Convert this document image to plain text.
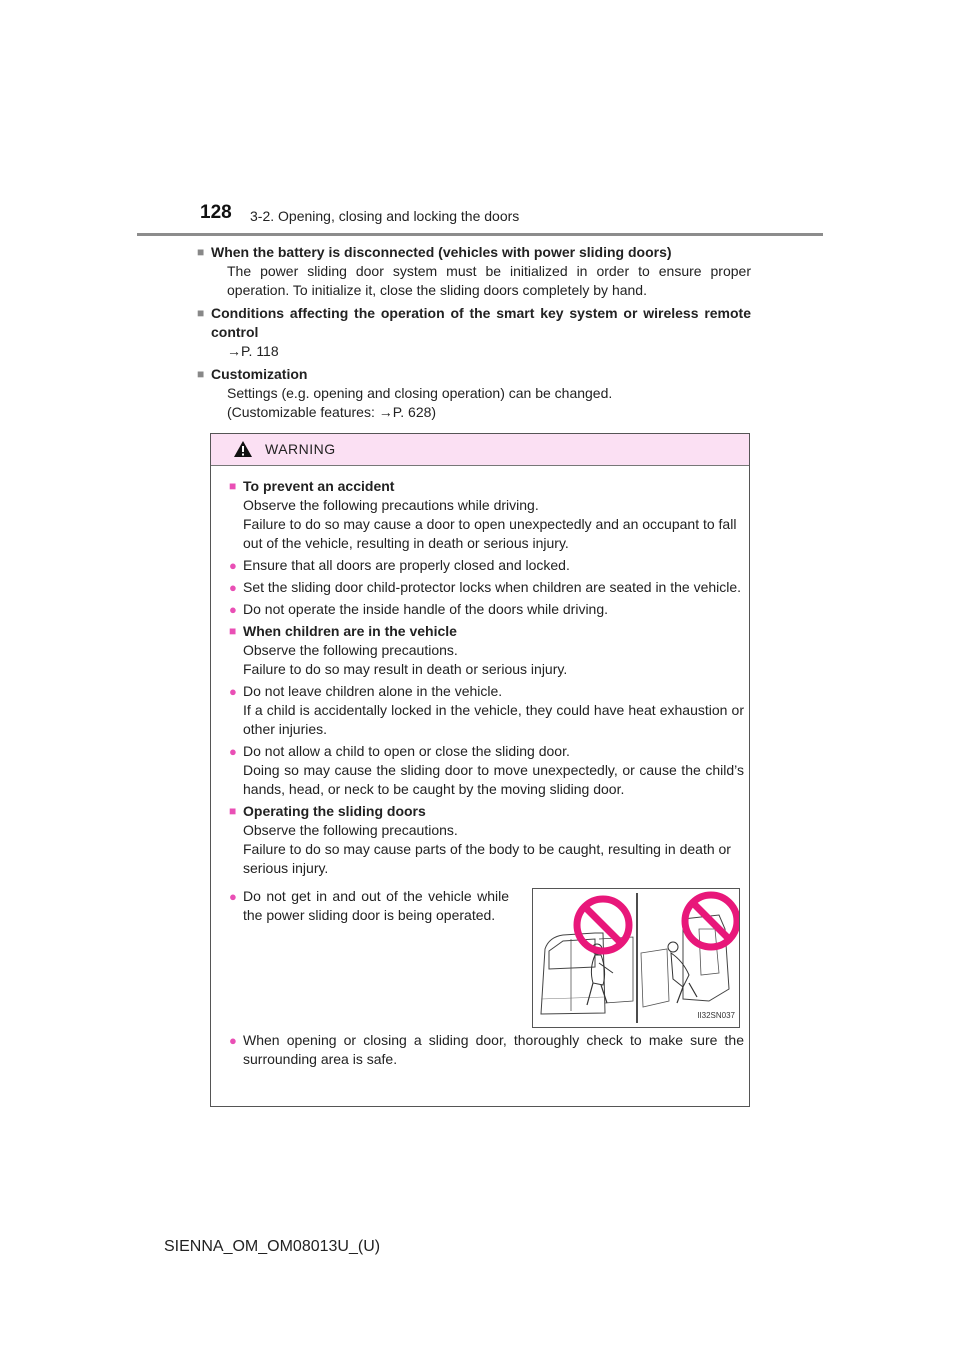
128 3-2. Opening, closing and locking the doors
■ When the battery is disconnected (vehicles with power sliding doors)
The power sliding door system must be initialized in order to ensure proper operation. To initialize it, close the sliding doors completely by hand.
■ Conditions affecting the operation of the smart key system or wireless remote control
→P. 118
■ Customization
Settings (e.g. opening and closing operation) can be changed.
(Customizable features: →P. 628)
WARNING
■ To prevent an accident
Observe the following precautions while driving.
Failure to do so may cause a door to open unexpectedly and an occupant to fall out of the vehicle, resulting in death or serious injury.
● Ensure that all doors are properly closed and locked.
● Set the sliding door child-protector locks when children are seated in the vehicle.
● Do not operate the inside handle of the doors while driving.
■ When children are in the vehicle
Observe the following precautions.
Failure to do so may result in death or serious injury.
● Do not leave children alone in the vehicle.
If a child is accidentally locked in the vehicle, they could have heat exhaustion or other injuries.
● Do not allow a child to open or close the sliding door.
Doing so may cause the sliding door to move unexpectedly, or cause the child’s hands, head, or neck to be caught by the moving sliding door.
■ Operating the sliding doors
Observe the following precautions.
Failure to do so may cause parts of the body to be caught, resulting in death or serious injury.
● Do not get in and out of the vehicle while the power sliding door is being operated.
II32SN037
● When opening or closing a sliding door, thoroughly check to make sure the surrounding area is safe.
SIENNA_OM_OM08013U_(U)
